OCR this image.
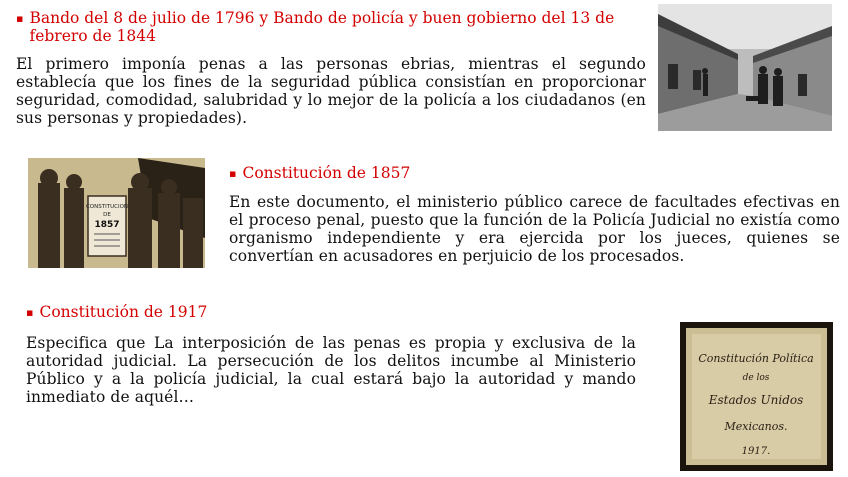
▪ Bando del 8 de julio de 1796 y Bando de policía y buen gobierno del 13 de febrero de 1844

El primero imponía penas a las personas ebrias, mientras el segundo establecía que los fines de la seguridad pública consistían en proporcionar seguridad, comodidad, salubridad y lo mejor de la policía a los ciudadanos (en sus personas y propiedades).

CONSTITUCION
DE
1857
▪ Constitución de 1857

En este documento, el ministerio público carece de facultades efectivas en el proceso penal, puesto que la función de la Policía Judicial no existía como organismo independiente y era ejercida por los jueces, quienes se convertían en acusadores en perjuicio de los procesados.

▪ Constitución de 1917

Especifica que La interposición de las penas es propia y exclusiva de la autoridad judicial. La persecución de los delitos incumbe al Ministerio Público y a la policía judicial, la cual estará bajo la autoridad y mando inmediato de aquél…

Constitución Política
de los
Estados Unidos
Mexicanos.
1917.
